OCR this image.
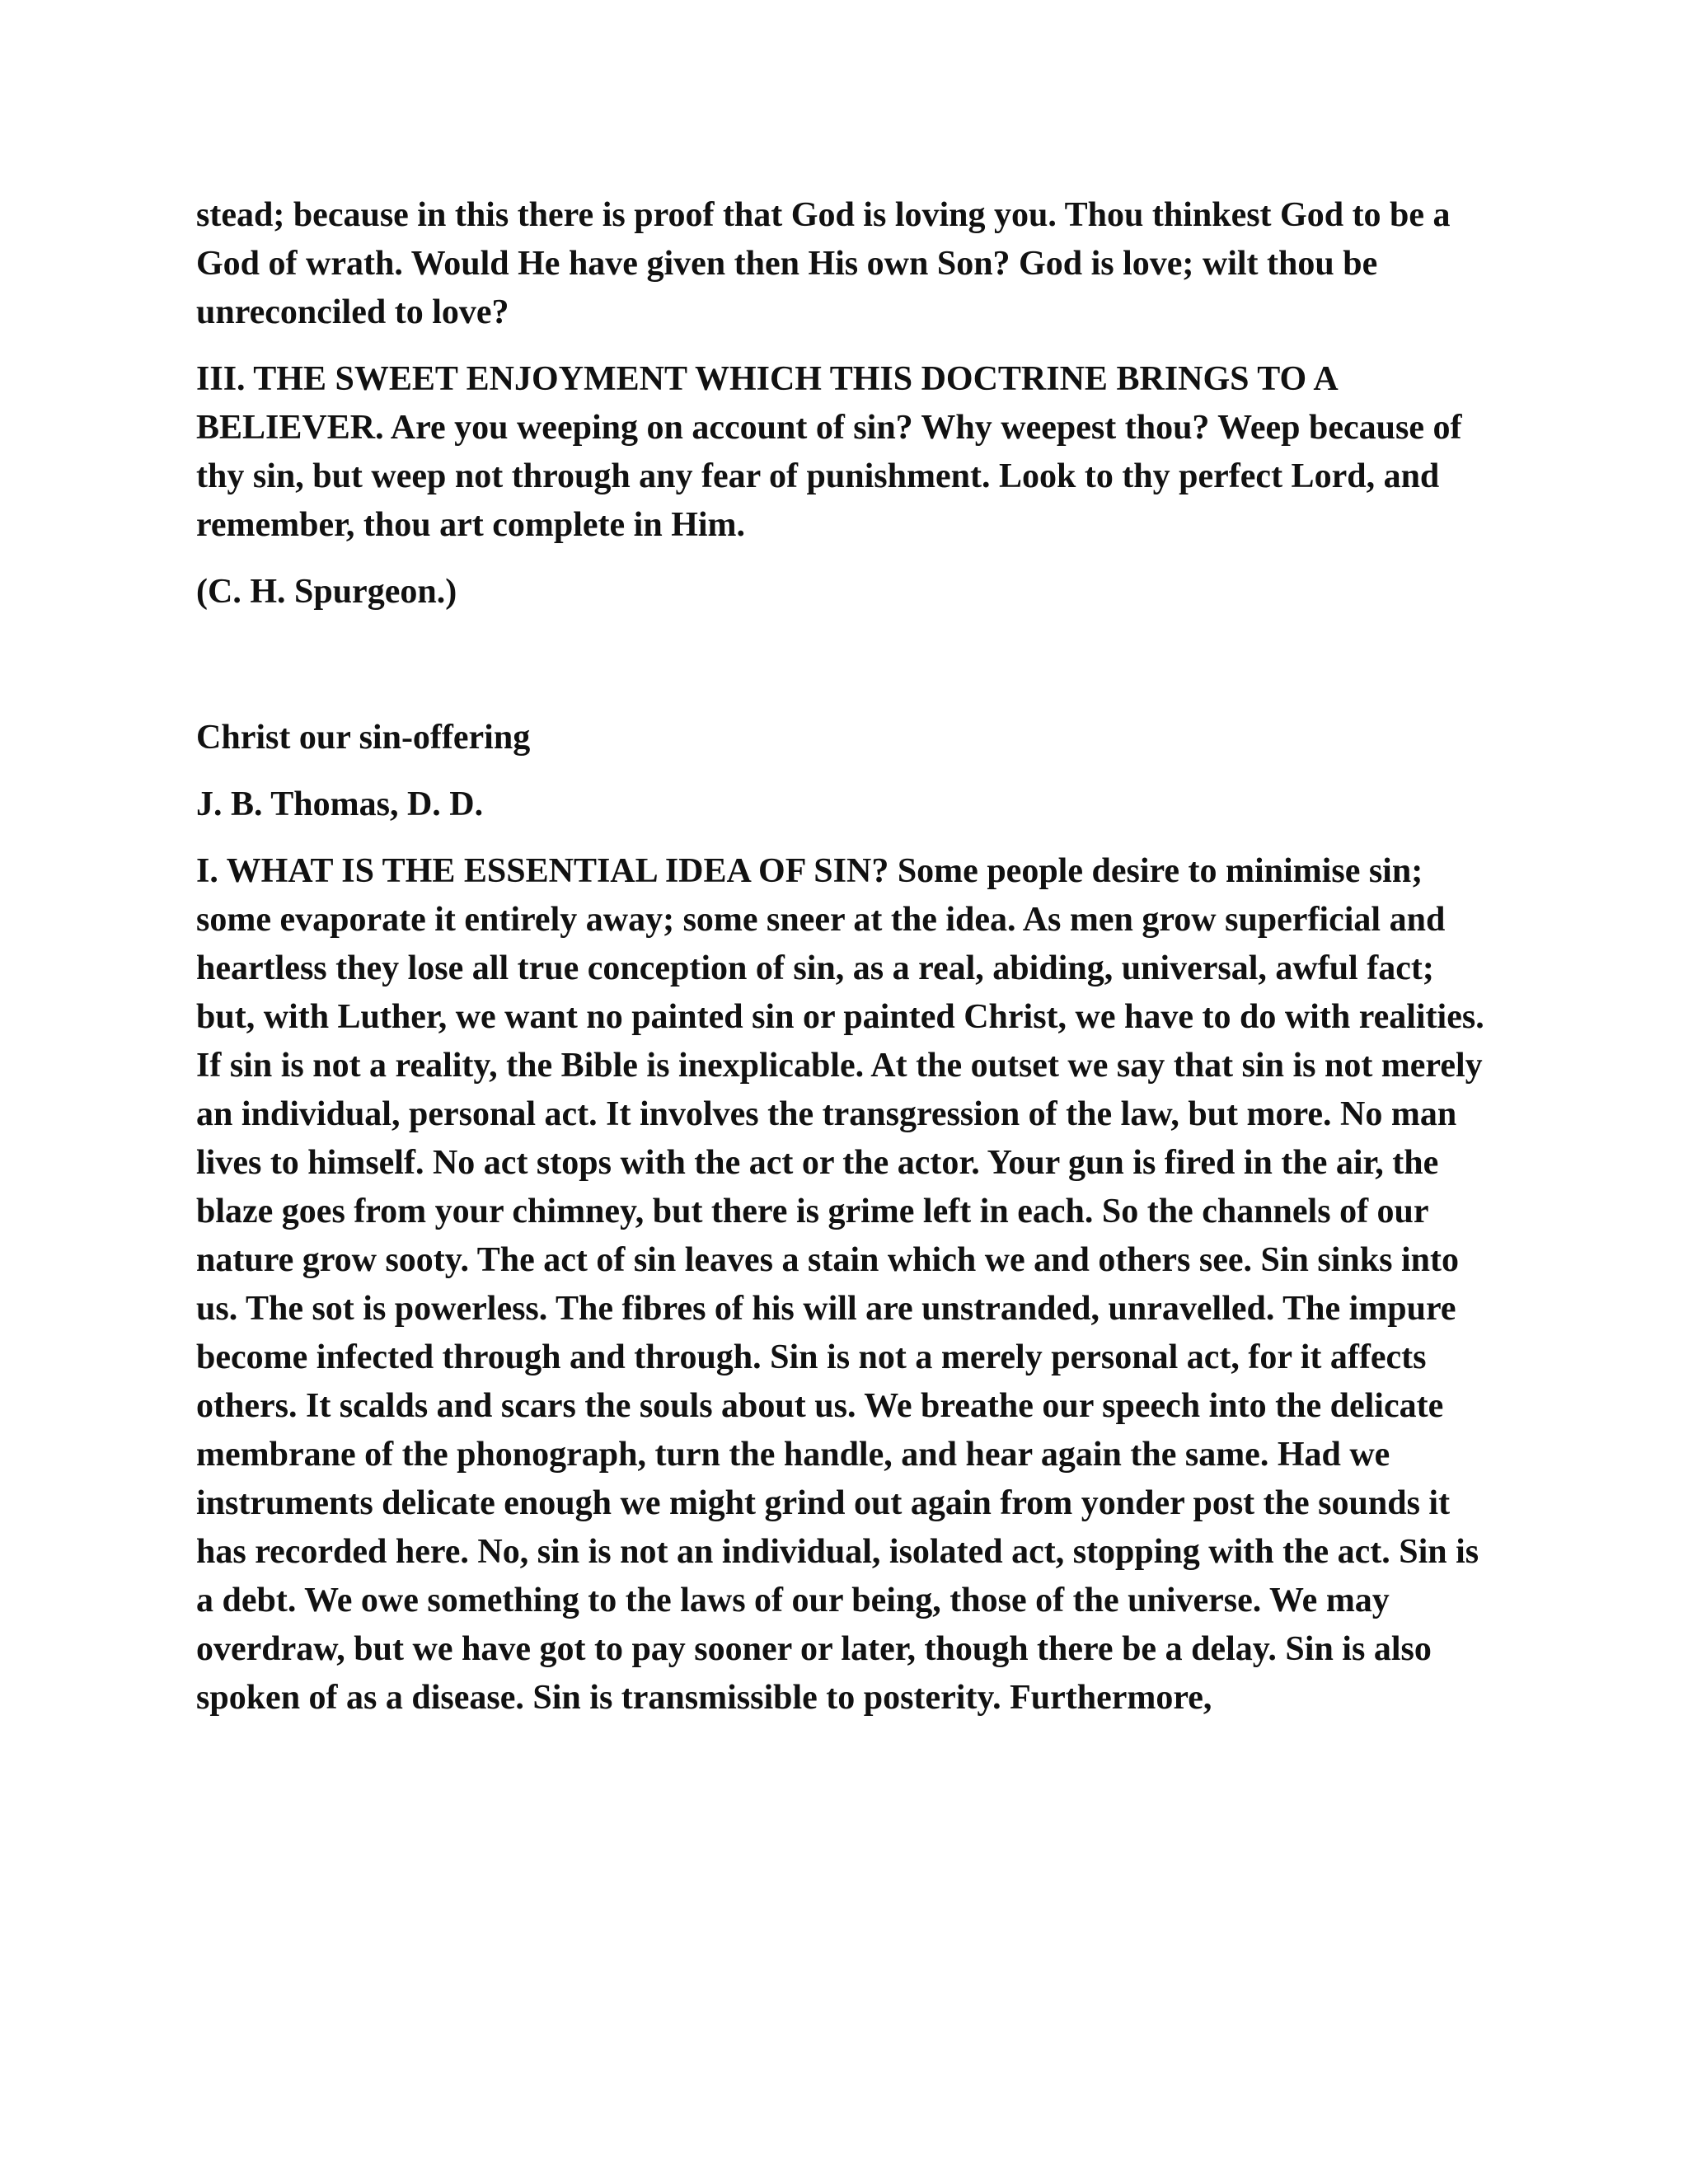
stead; because in this there is proof that God is loving you. Thou thinkest God to be a God of wrath. Would He have given then His own Son? God is love; wilt thou be unreconciled to love?

III. THE SWEET ENJOYMENT WHICH THIS DOCTRINE BRINGS TO A BELIEVER. Are you weeping on account of sin? Why weepest thou? Weep because of thy sin, but weep not through any fear of punishment. Look to thy perfect Lord, and remember, thou art complete in Him.

(C. H. Spurgeon.)

Christ our sin-offering

J. B. Thomas, D. D.

I. WHAT IS THE ESSENTIAL IDEA OF SIN? Some people desire to minimise sin; some evaporate it entirely away; some sneer at the idea. As men grow superficial and heartless they lose all true conception of sin, as a real, abiding, universal, awful fact; but, with Luther, we want no painted sin or painted Christ, we have to do with realities. If sin is not a reality, the Bible is inexplicable. At the outset we say that sin is not merely an individual, personal act. It involves the transgression of the law, but more. No man lives to himself. No act stops with the act or the actor. Your gun is fired in the air, the blaze goes from your chimney, but there is grime left in each. So the channels of our nature grow sooty. The act of sin leaves a stain which we and others see. Sin sinks into us. The sot is powerless. The fibres of his will are unstranded, unravelled. The impure become infected through and through. Sin is not a merely personal act, for it affects others. It scalds and scars the souls about us. We breathe our speech into the delicate membrane of the phonograph, turn the handle, and hear again the same. Had we instruments delicate enough we might grind out again from yonder post the sounds it has recorded here. No, sin is not an individual, isolated act, stopping with the act. Sin is a debt. We owe something to the laws of our being, those of the universe. We may overdraw, but we have got to pay sooner or later, though there be a delay. Sin is also spoken of as a disease. Sin is transmissible to posterity. Furthermore,
